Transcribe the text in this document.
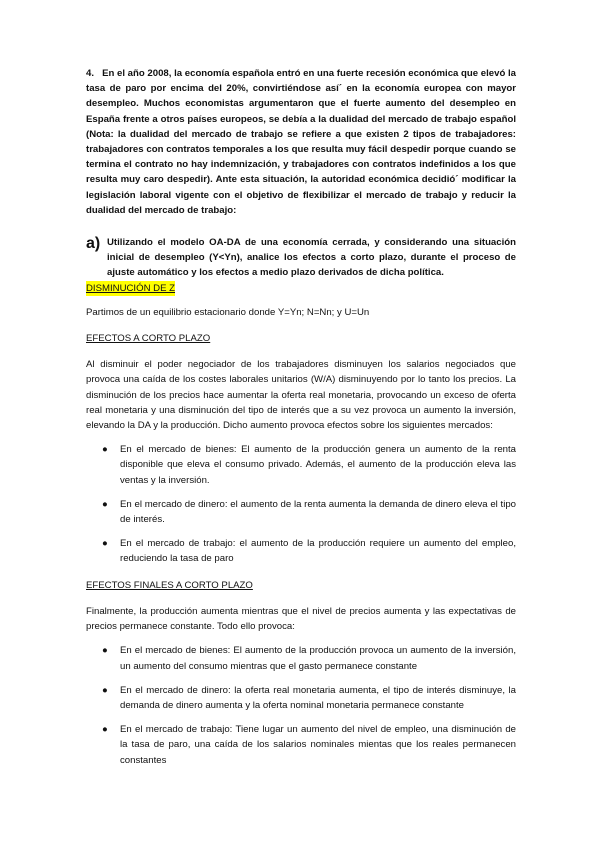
4. En el año 2008, la economía española entró en una fuerte recesión económica que elevó la tasa de paro por encima del 20%, convirtiéndose así´ en la economía europea con mayor desempleo. Muchos economistas argumentaron que el fuerte aumento del desempleo en España frente a otros países europeos, se debía a la dualidad del mercado de trabajo español (Nota: la dualidad del mercado de trabajo se refiere a que existen 2 tipos de trabajadores: trabajadores con contratos temporales a los que resulta muy fácil despedir porque cuando se termina el contrato no hay indemnización, y trabajadores con contratos indefinidos a los que resulta muy caro despedir). Ante esta situación, la autoridad económica decidió´ modificar la legislación laboral vigente con el objetivo de flexibilizar el mercado de trabajo y reducir la dualidad del mercado de trabajo:

a) Utilizando el modelo OA-DA de una economía cerrada, y considerando una situación inicial de desempleo (Y<Yn), analice los efectos a corto plazo, durante el proceso de ajuste automático y los efectos a medio plazo derivados de dicha política.

DISMINUCIÓN DE Z

Partimos de un equilibrio estacionario donde Y=Yn; N=Nn; y U=Un

EFECTOS A CORTO PLAZO

Al disminuir el poder negociador de los trabajadores disminuyen los salarios negociados que provoca una caída de los costes laborales unitarios (W/A) disminuyendo por lo tanto los precios. La disminución de los precios hace aumentar la oferta real monetaria, provocando un exceso de oferta real monetaria y una disminución del tipo de interés que a su vez provoca un aumento la inversión, elevando la DA y la producción. Dicho aumento provoca efectos sobre los siguientes mercados:

● En el mercado de bienes: El aumento de la producción genera un aumento de la renta disponible que eleva el consumo privado. Además, el aumento de la producción eleva las ventas y la inversión.

● En el mercado de dinero: el aumento de la renta aumenta la demanda de dinero eleva el tipo de interés.

● En el mercado de trabajo: el aumento de la producción requiere un aumento del empleo, reduciendo la tasa de paro

EFECTOS FINALES A CORTO PLAZO

Finalmente, la producción aumenta mientras que el nivel de precios aumenta y las expectativas de precios permanece constante. Todo ello provoca:

● En el mercado de bienes: El aumento de la producción provoca un aumento de la inversión, un aumento del consumo mientras que el gasto permanece constante

● En el mercado de dinero: la oferta real monetaria aumenta, el tipo de interés disminuye, la demanda de dinero aumenta y la oferta nominal monetaria permanece constante

● En el mercado de trabajo: Tiene lugar un aumento del nivel de empleo, una disminución de la tasa de paro, una caída de los salarios nominales mientas que los reales permanecen constantes
